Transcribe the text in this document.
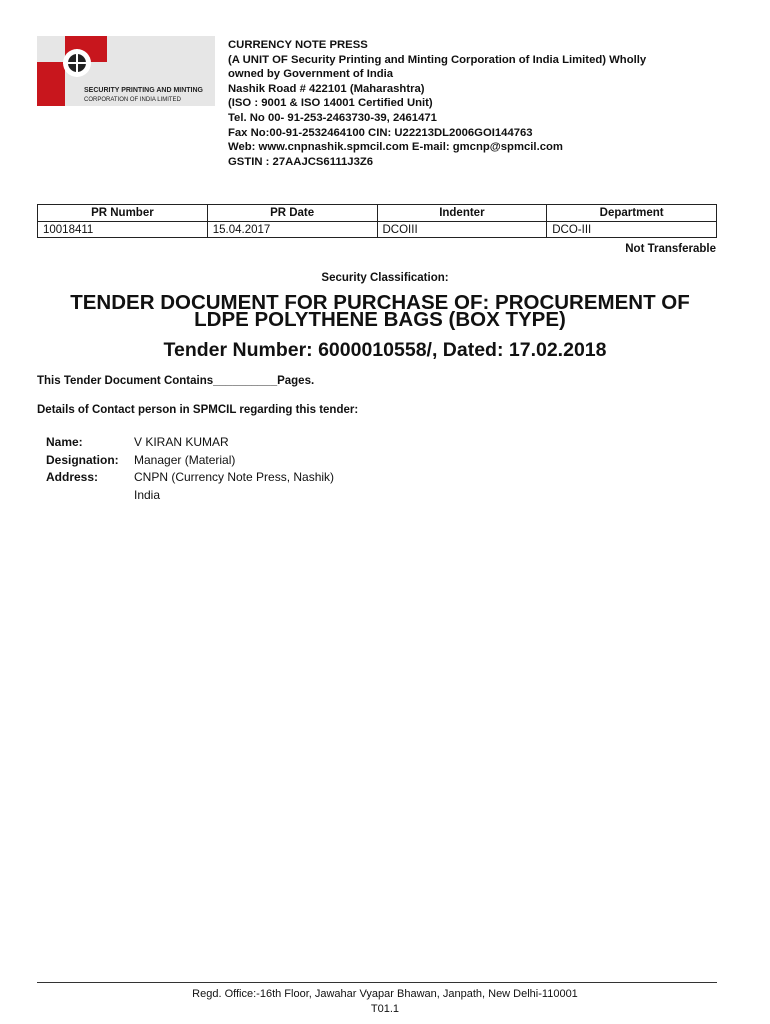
SECURITY PRINTING AND MINTING
CORPORATION OF INDIA LIMITED
CURRENCY NOTE PRESS
(A UNIT OF Security Printing and Minting Corporation of India Limited) Wholly
owned by Government of India
Nashik Road # 422101 (Maharashtra)
(ISO : 9001 & ISO 14001 Certified Unit)
Tel. No 00- 91-253-2463730-39, 2461471
Fax No:00-91-2532464100 CIN: U22213DL2006GOI144763
Web: www.cnpnashik.spmcil.com E-mail: gmcnp@spmcil.com
GSTIN : 27AAJCS6111J3Z6
PR Number	PR Date	Indenter	Department
10018411	15.04.2017	DCOIII	DCO-III
Not Transferable
Security Classification:
TENDER DOCUMENT FOR PURCHASE OF: PROCUREMENT OF
LDPE POLYTHENE BAGS (BOX TYPE)
Tender Number: 6000010558/, Dated: 17.02.2018
This Tender Document Contains__________Pages.
Details of Contact person in SPMCIL regarding this tender:
Name:	V KIRAN KUMAR
Designation:	Manager (Material)
Address:	CNPN (Currency Note Press, Nashik)
India
Regd. Office:-16th Floor, Jawahar Vyapar Bhawan, Janpath, New Delhi-110001
T01.1
